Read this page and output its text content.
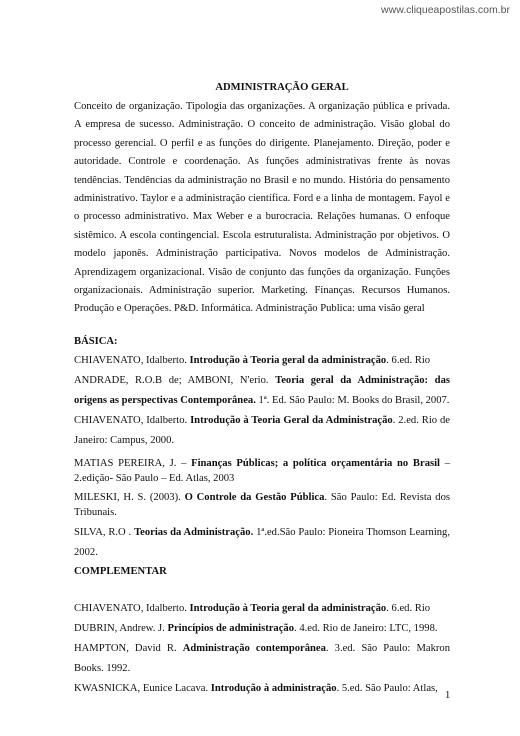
www.cliqueapostilas.com.br

ADMINISTRAÇÃO GERAL

Conceito de organização. Tipologia das organizações. A organização pública e privada. A empresa de sucesso. Administração. O conceito de administração. Visão global do processo gerencial. O perfil e as funções do dirigente. Planejamento. Direção, poder e autoridade. Controle e coordenação. As funções administrativas frente às novas tendências. Tendências da administração no Brasil e no mundo. História do pensamento administrativo. Taylor e a administração científica. Ford e a linha de montagem. Fayol e o processo administrativo. Max Weber e a burocracia. Relações humanas. O enfoque sistêmico. A escola contingencial. Escola estruturalista. Administração por objetivos. O modelo japonês. Administração participativa. Novos modelos de Administração. Aprendizagem organizacional. Visão de conjunto das funções da organização. Funções organizacionais. Administração superior. Marketing. Finanças. Recursos Humanos. Produção e Operações. P&D. Informática. Administração Publica: uma visão geral

BÁSICA:

CHIAVENATO, Idalberto. Introdução à Teoria geral da administração. 6.ed. Rio

ANDRADE, R.O.B de; AMBONI, N'erio. Teoria geral da Administração: das origens as perspectivas Contemporânea. 1ª. Ed. São Paulo: M. Books do Brasil, 2007.

CHIAVENATO, Idalberto. Introdução à Teoria Geral da Administração. 2.ed. Rio de Janeiro: Campus, 2000.

MATIAS PEREIRA, J. – Finanças Públicas; a política orçamentária no Brasil – 2.edição- São Paulo – Ed. Atlas, 2003

MILESKI, H. S. (2003). O Controle da Gestão Pública. São Paulo: Ed. Revista dos Tribunais.

SILVA, R.O . Teorias da Administração. 1ª.ed.São Paulo: Pioneira Thomson Learning, 2002.

COMPLEMENTAR

CHIAVENATO, Idalberto. Introdução à Teoria geral da administração. 6.ed. Rio

DUBRIN, Andrew. J. Princípios de administração. 4.ed. Rio de Janeiro: LTC, 1998.

HAMPTON, David R. Administração contemporânea. 3.ed. São Paulo: Makron Books. 1992.

KWASNICKA, Eunice Lacava. Introdução à administração. 5.ed. São Paulo: Atlas,

1
